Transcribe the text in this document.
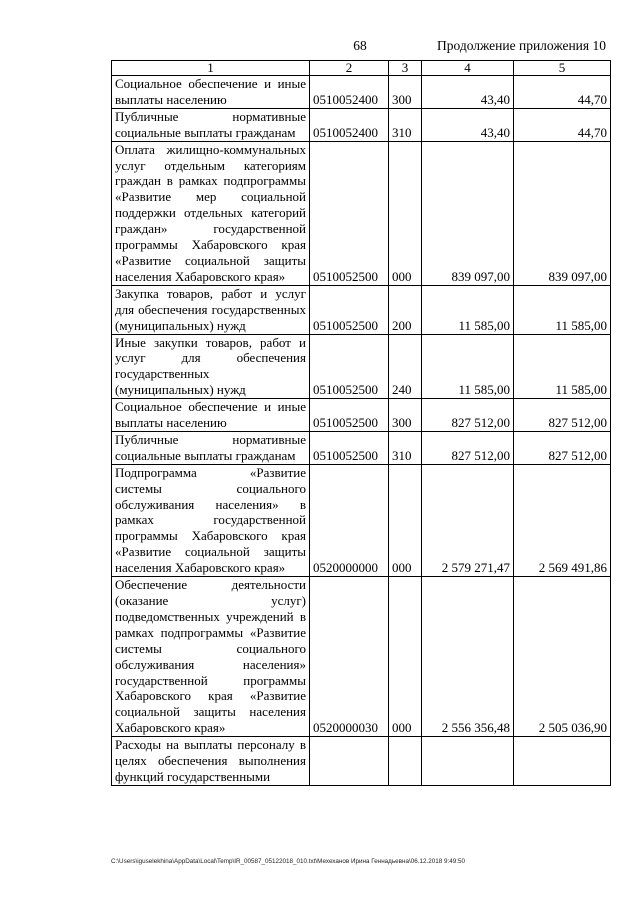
68	Продолжение приложения 10
1	2	3	4	5
Социальное обеспечение и иные выплаты населению	0510052400	300	43,40	44,70
Публичные нормативные социальные выплаты гражданам	0510052400	310	43,40	44,70
Оплата жилищно-коммунальных услуг отдельным категориям граждан в рамках подпрограммы «Развитие мер социальной поддержки отдельных категорий граждан» государственной программы Хабаровского края «Развитие социальной защиты населения Хабаровского края»	0510052500	000	839 097,00	839 097,00
Закупка товаров, работ и услуг для обеспечения государственных (муниципальных) нужд	0510052500	200	11 585,00	11 585,00
Иные закупки товаров, работ и услуг для обеспечения государственных (муниципальных) нужд	0510052500	240	11 585,00	11 585,00
Социальное обеспечение и иные выплаты населению	0510052500	300	827 512,00	827 512,00
Публичные нормативные социальные выплаты гражданам	0510052500	310	827 512,00	827 512,00
Подпрограмма «Развитие системы социального обслуживания населения» в рамках государственной программы Хабаровского края «Развитие социальной защиты населения Хабаровского края»	0520000000	000	2 579 271,47	2 569 491,86
Обеспечение деятельности (оказание услуг) подведомственных учреждений в рамках подпрограммы «Развитие системы социального обслуживания населения» государственной программы Хабаровского края «Развитие социальной защиты населения Хабаровского края»	0520000030	000	2 556 356,48	2 505 036,90
Расходы на выплаты персоналу в целях обеспечения выполнения функций государственными				
C:\Users\iguselekhina\AppData\Local\Temp\IR_00587_05122018_010.txt\Мехеханов Ирина Геннадьевна\06.12.2018 9:49:50
